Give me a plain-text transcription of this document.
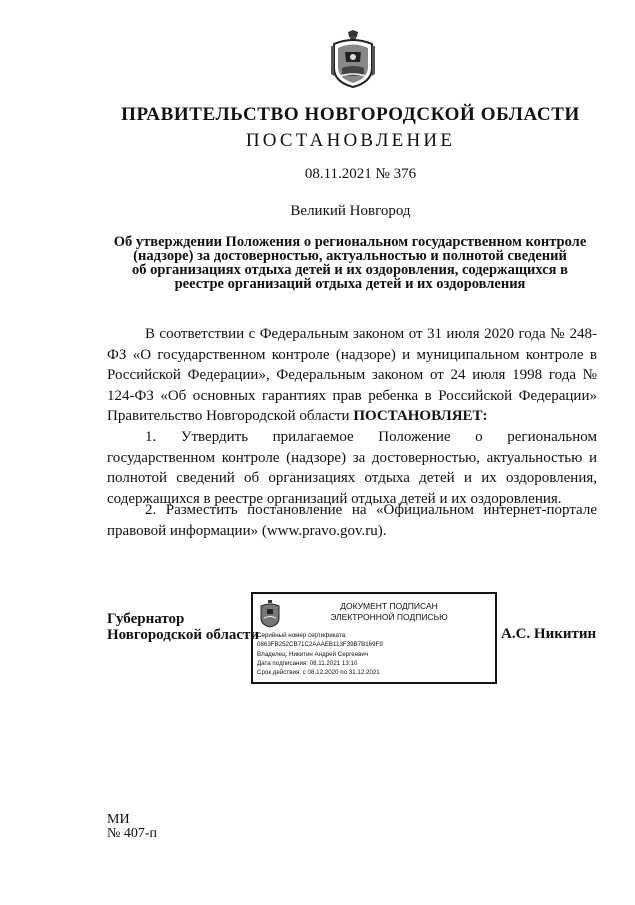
ПРАВИТЕЛЬСТВО НОВГОРОДСКОЙ ОБЛАСТИ
ПОСТАНОВЛЕНИЕ
08.11.2021 № 376
Великий Новгород
Об утверждении Положения о региональном государственном контроле
(надзоре) за достоверностью, актуальностью и полнотой сведений
об организациях отдыха детей и их оздоровления, содержащихся в
реестре организаций отдыха детей и их оздоровления
В соответствии с Федеральным законом от 31 июля 2020 года № 248-ФЗ «О государственном контроле (надзоре) и муниципальном контроле в Российской Федерации», Федеральным законом от 24 июля 1998 года № 124-ФЗ «Об основных гарантиях прав ребенка в Российской Федерации» Правительство Новгородской области ПОСТАНОВЛЯЕТ:
1. Утвердить прилагаемое Положение о региональном государственном контроле (надзоре) за достоверностью, актуальностью и полнотой сведений об организациях отдыха детей и их оздоровления, содержащихся в реестре организаций отдыха детей и их оздоровления.
2. Разместить постановление на «Официальном интернет-портале правовой информации» (www.pravo.gov.ru).
Губернатор
Новгородской области
ДОКУМЕНТ ПОДПИСАН
ЭЛЕКТРОННОЙ ПОДПИСЬЮ
Серийный номер сертификата:
0863FB252CB71C2AAAEB113F39B7B169F9
Владелец: Никитин Андрей Сергеевич
Дата подписания: 08.11.2021 13:10
Срок действия: с 08.12.2020 по 31.12.2021
А.С. Никитин
МИ
№ 407-п
